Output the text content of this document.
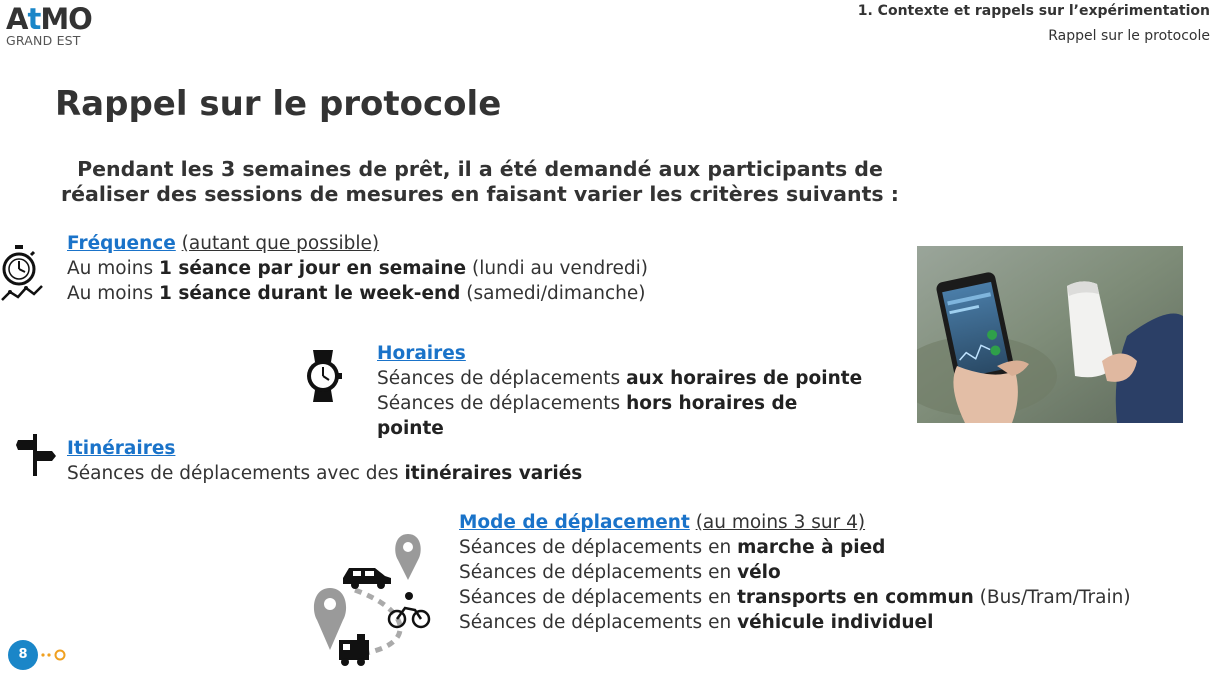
AtMO
GRAND EST
1. Contexte et rappels sur l’expérimentation
Rappel sur le protocole
Rappel sur le protocole
Pendant les 3 semaines de prêt, il a été demandé aux participants de
réaliser des sessions de mesures en faisant varier les critères suivants :
Fréquence (autant que possible)
Au moins 1 séance par jour en semaine (lundi au vendredi)
Au moins 1 séance durant le week-end (samedi/dimanche)
Horaires
Séances de déplacements aux horaires de pointe
Séances de déplacements hors horaires de pointe
Itinéraires
Séances de déplacements avec des itinéraires variés
Mode de déplacement (au moins 3 sur 4)
Séances de déplacements en marche à pied
Séances de déplacements en vélo
Séances de déplacements en transports en commun (Bus/Tram/Train)
Séances de déplacements en véhicule individuel
8
